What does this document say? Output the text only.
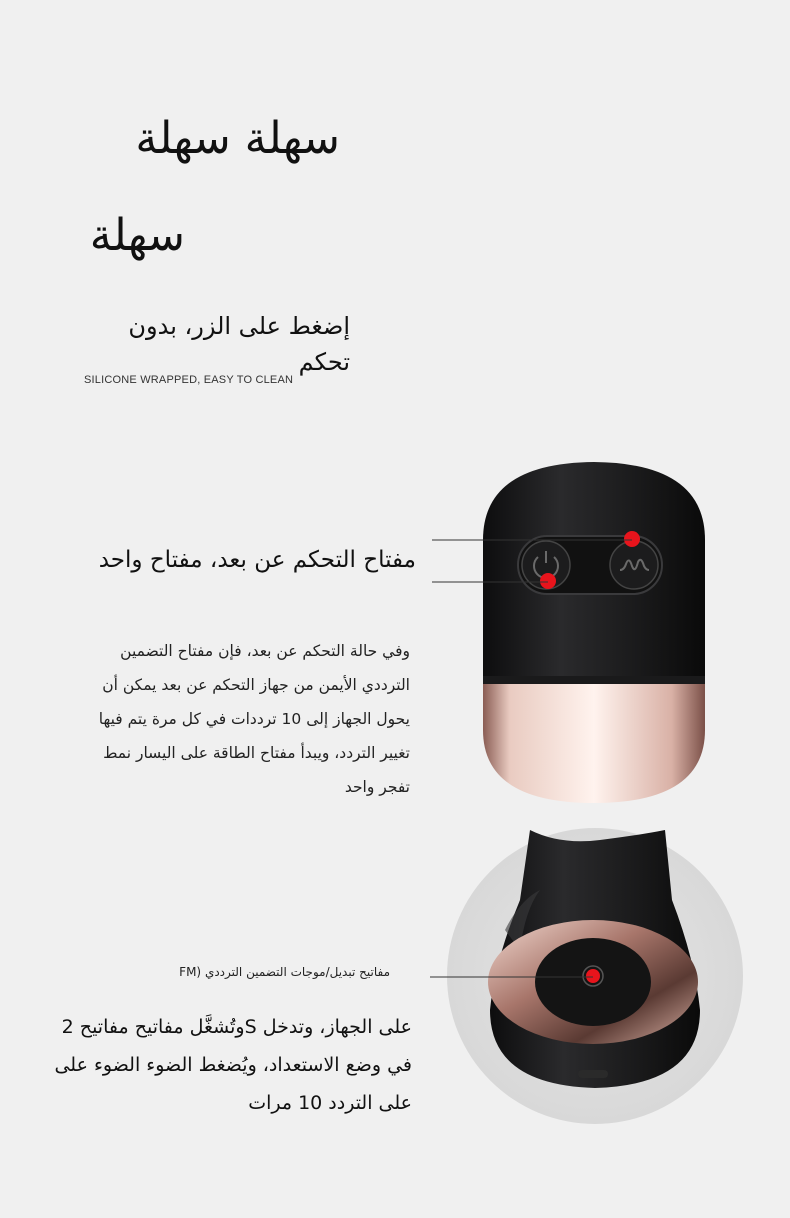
سهلة سهلة
سهلة
إضغط على الزر، بدون تحكم
SILICONE WRAPPED, EASY TO CLEAN
مفتاح التحكم عن بعد، مفتاح واحد
وفي حالة التحكم عن بعد، فإن مفتاح التضمين الترددي الأيمن من جهاز التحكم عن بعد يمكن أن يحول الجهاز إلى 10 ترددات في كل مرة يتم فيها تغيير التردد، ويبدأ مفتاح الطاقة على اليسار نمط تفجر واحد
FM) مفاتيح تبديل/موجات التضمين الترددي
على الجهاز، وتدخل Sوتُشغَّل مفاتيح مفاتيح 2 في وضع الاستعداد، ويُضغط الضوء الضوء على على التردد 10 مرات
